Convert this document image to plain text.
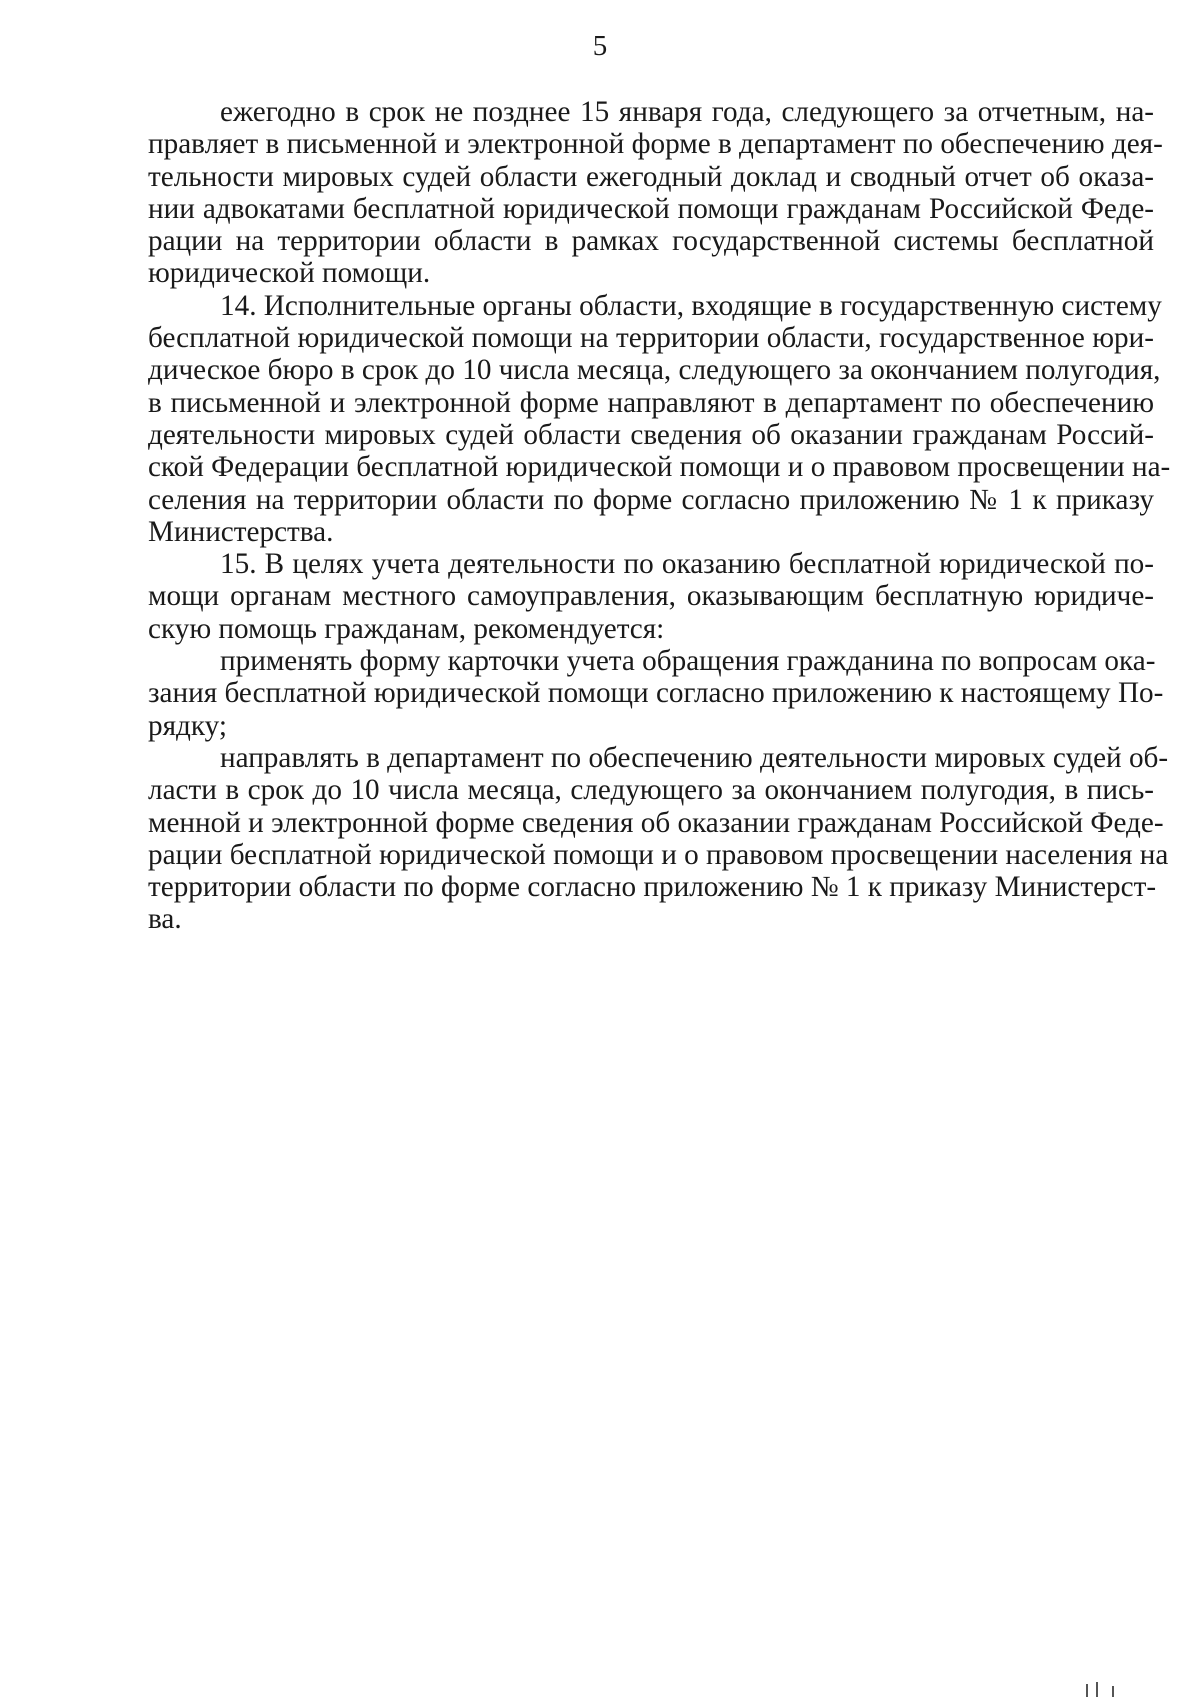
5
ежегодно в срок не позднее 15 января года, следующего за отчетным, на-
правляет в письменной и электронной форме в департамент по обеспечению дея-
тельности мировых судей области ежегодный доклад и сводный отчет об оказа-
нии адвокатами бесплатной юридической помощи гражданам Российской Феде-
рации на территории области в рамках государственной системы бесплатной
юридической помощи.
14. Исполнительные органы области, входящие в государственную систему
бесплатной юридической помощи на территории области, государственное юри-
дическое бюро в срок до 10 числа месяца, следующего за окончанием полугодия,
в письменной и электронной форме направляют в департамент по обеспечению
деятельности мировых судей области сведения об оказании гражданам Россий-
ской Федерации бесплатной юридической помощи и о правовом просвещении на-
селения на территории области по форме согласно приложению № 1 к приказу
Министерства.
15. В целях учета деятельности по оказанию бесплатной юридической по-
мощи органам местного самоуправления, оказывающим бесплатную юридиче-
скую помощь гражданам, рекомендуется:
применять форму карточки учета обращения гражданина по вопросам ока-
зания бесплатной юридической помощи согласно приложению к настоящему По-
рядку;
направлять в департамент по обеспечению деятельности мировых судей об-
ласти в срок до 10 числа месяца, следующего за окончанием полугодия, в пись-
менной и электронной форме сведения об оказании гражданам Российской Феде-
рации бесплатной юридической помощи и о правовом просвещении населения на
территории области по форме согласно приложению № 1 к приказу Министерст-
ва.
